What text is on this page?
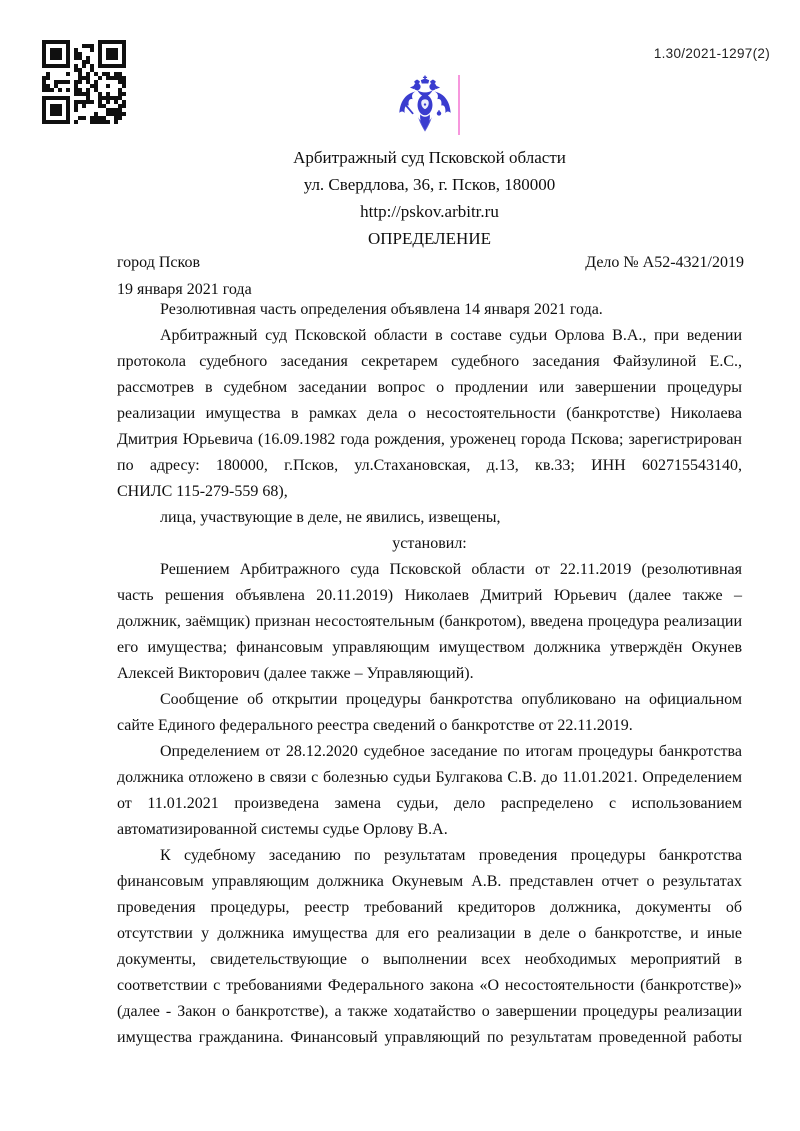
1.30/2021-1297(2)
Арбитражный суд Псковской области
ул. Свердлова, 36, г. Псков, 180000
http://pskov.arbitr.ru
ОПРЕДЕЛЕНИЕ
город Псков	Дело № А52-4321/2019
19 января 2021 года
Резолютивная часть определения объявлена 14 января 2021 года.
Арбитражный суд Псковской области в составе судьи Орлова В.А., при ведении
протокола судебного заседания секретарем судебного заседания Файзулиной Е.С.,
рассмотрев в судебном заседании вопрос о продлении или завершении процедуры
реализации имущества в рамках дела о несостоятельности (банкротстве) Николаева
Дмитрия Юрьевича (16.09.1982 года рождения, уроженец города Пскова; зарегистрирован
по адресу: 180000, г.Псков, ул.Стахановская, д.13, кв.33; ИНН 602715543140,
СНИЛС 115-279-559 68),
лица, участвующие в деле, не явились, извещены,
установил:
Решением Арбитражного суда Псковской области от 22.11.2019 (резолютивная
часть решения объявлена 20.11.2019) Николаев Дмитрий Юрьевич (далее также –
должник, заёмщик) признан несостоятельным (банкротом), введена процедура реализации
его имущества; финансовым управляющим имуществом должника утверждён Окунев
Алексей Викторович (далее также – Управляющий).
Сообщение об открытии процедуры банкротства опубликовано на официальном
сайте Единого федерального реестра сведений о банкротстве от 22.11.2019.
Определением от 28.12.2020 судебное заседание по итогам процедуры банкротства
должника отложено в связи с болезнью судьи Булгакова С.В. до 11.01.2021. Определением
от 11.01.2021 произведена замена судьи, дело распределено с использованием
автоматизированной системы судье Орлову В.А.
К судебному заседанию по результатам проведения процедуры банкротства
финансовым управляющим должника Окуневым А.В. представлен отчет о результатах
проведения процедуры, реестр требований кредиторов должника, документы об
отсутствии у должника имущества для его реализации в деле о банкротстве, и иные
документы, свидетельствующие о выполнении всех необходимых мероприятий в
соответствии с требованиями Федерального закона «О несостоятельности (банкротстве)»
(далее - Закон о банкротстве), а также ходатайство о завершении процедуры реализации
имущества гражданина. Финансовый управляющий по результатам проведенной работы
